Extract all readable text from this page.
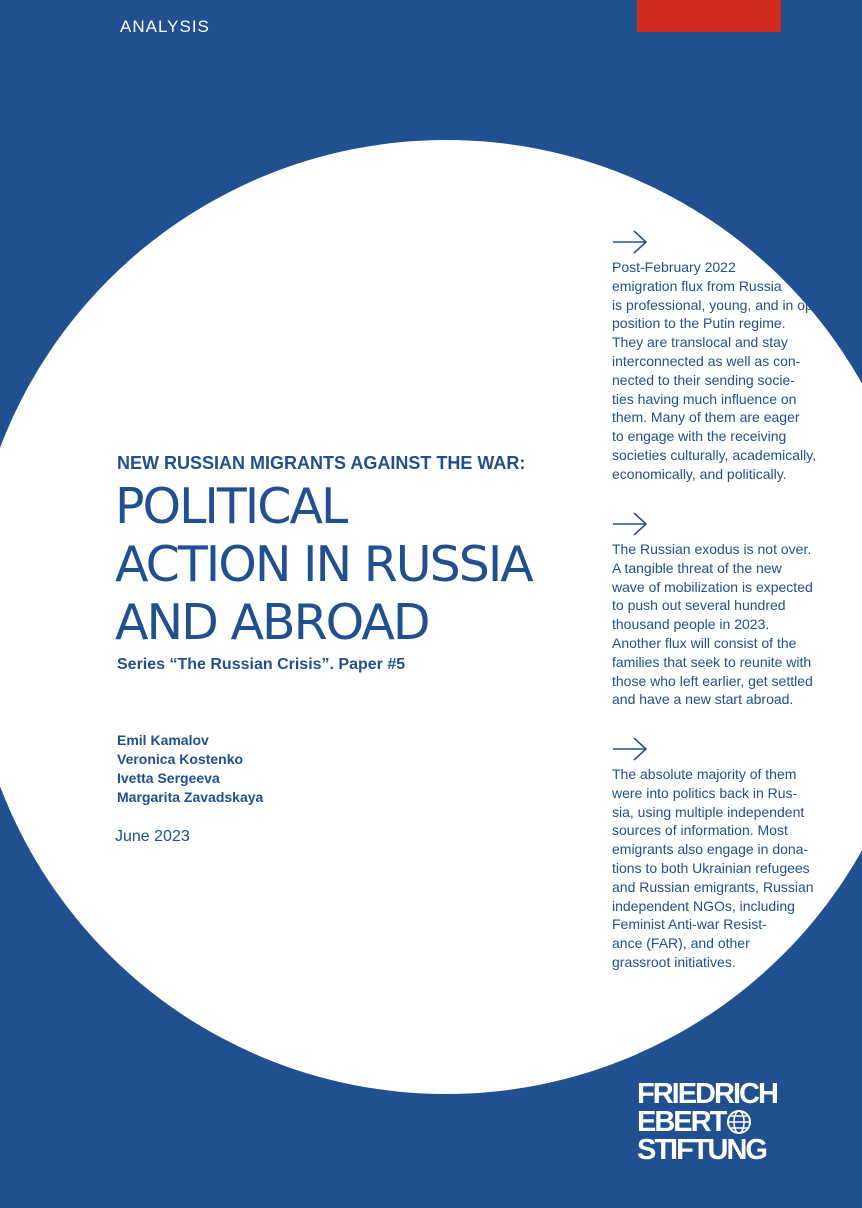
ANALYSIS
NEW RUSSIAN MIGRANTS AGAINST THE WAR:
POLITICAL
ACTION IN RUSSIA
AND ABROAD
Series “The Russian Crisis”. Paper #5
Emil Kamalov
Veronica Kostenko
Ivetta Sergeeva
Margarita Zavadskaya
June 2023

Post-February 2022
emigration flux from Russia
is professional, young, and in op-
position to the Putin regime.
They are translocal and stay
interconnected as well as con-
nected to their sending socie-
ties having much influence on
them. Many of them are eager
to engage with the receiving
societies culturally, academically,
economically, and politically.

The Russian exodus is not over.
A tangible threat of the new
wave of mobilization is expected
to push out several hundred
thousand people in 2023.
Another flux will consist of the
families that seek to reunite with
those who left earlier, get settled
and have a new start abroad.

The absolute majority of them
were into politics back in Rus-
sia, using multiple independent
sources of information. Most
emigrants also engage in dona-
tions to both Ukrainian refugees
and Russian emigrants, Russian
independent NGOs, including
Feminist Anti-war Resist-
ance (FAR), and other
grassroot initiatives.

FRIEDRICH
EBERT
STIFTUNG
